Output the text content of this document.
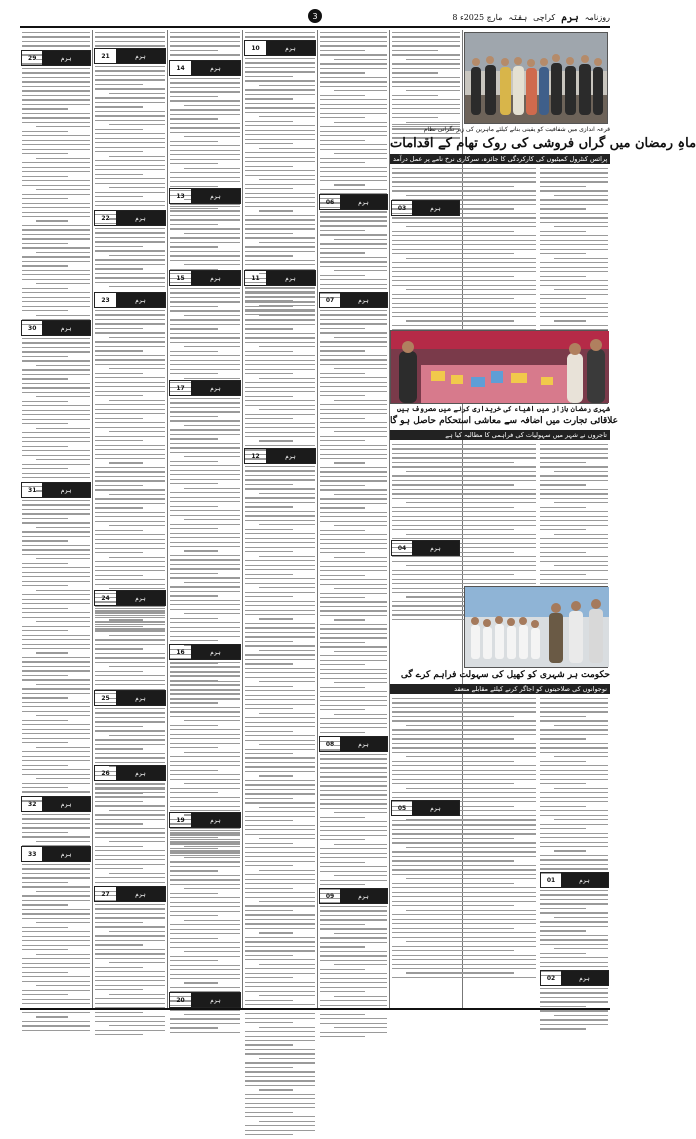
8 مارچ 2025ء ہفتہ کراچی ہرم روزنامہ
3
29	ہرم
30	ہرم
31	ہرم
32	ہرم
33	ہرم
21	ہرم
22	ہرم
23	ہرم
24	ہرم
25	ہرم
26	ہرم
27	ہرم
14	ہرم
13	ہرم
15	ہرم
17	ہرم
16	ہرم
19	ہرم
20	ہرم
10	ہرم
11	ہرم
12	ہرم
06	ہرم
07	ہرم
08	ہرم
09	ہرم
قرعہ اندازی میں شفافیت کو یقینی بنانے کیلئے ماہرین کی زیر نگرانی نظام
ماہِ رمضان میں گراں فروشی کی روک تھام کے اقدامات
پرائس کنٹرول کمیٹیوں کی کارکردگی کا جائزہ، سرکاری نرخ نامے پر عمل درآمد
03	ہرم
شہری رمضان بازار میں اشیاء کی خریداری کرنے میں مصروف ہیں
علاقائی تجارت میں اضافہ سے معاشی استحکام حاصل ہو گا
تاجروں نے شہر میں سہولیات کی فراہمی کا مطالبہ کیا ہے
04	ہرم
حکومت ہر شہری کو کھیل کی سہولت فراہم کرے گی
نوجوانوں کی صلاحیتوں کو اجاگر کرنے کیلئے مقابلے منعقد
05	ہرم
01	ہرم
02	ہرم
